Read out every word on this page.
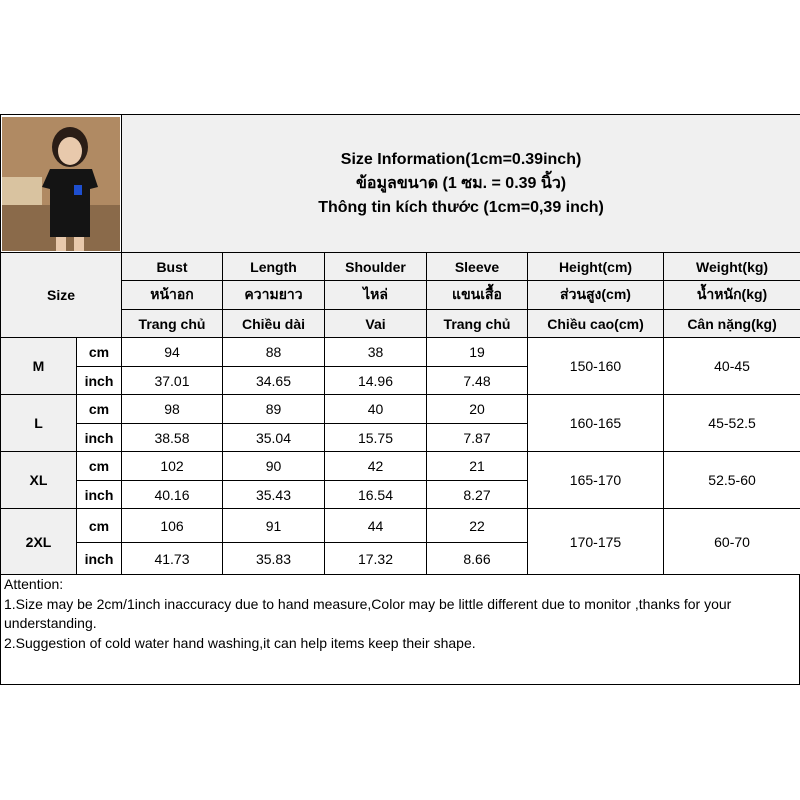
Size Information(1cm=0.39inch)
ข้อมูลขนาด (1 ซม. = 0.39 นิ้ว)
Thông tin kích thước (1cm=0,39 inch)					

Size		Bust	Length	Shoulder	Sleeve	Height(cm)	Weight(kg)
		หน้าอก	ความยาว	ไหล่	แขนเสื้อ	ส่วนสูง(cm)	น้ำหนัก(kg)
		Trang chủ	Chiều dài	Vai	Trang chủ	Chiều cao(cm)	Cân nặng(kg)
M	cm	94	88	38	19	150-160	40-45
	inch	37.01	34.65	14.96	7.48		
L	cm	98	89	40	20	160-165	45-52.5
	inch	38.58	35.04	15.75	7.87		
XL	cm	102	90	42	21	165-170	52.5-60
	inch	40.16	35.43	16.54	8.27		
2XL	cm	106	91	44	22	170-175	60-70
	inch	41.73	35.83	17.32	8.66		
Attention:
1.Size may be 2cm/1inch inaccuracy due to hand measure,Color may be little different due to monitor ,thanks for your understanding.
2.Suggestion of cold water hand washing,it can help items keep their shape.
